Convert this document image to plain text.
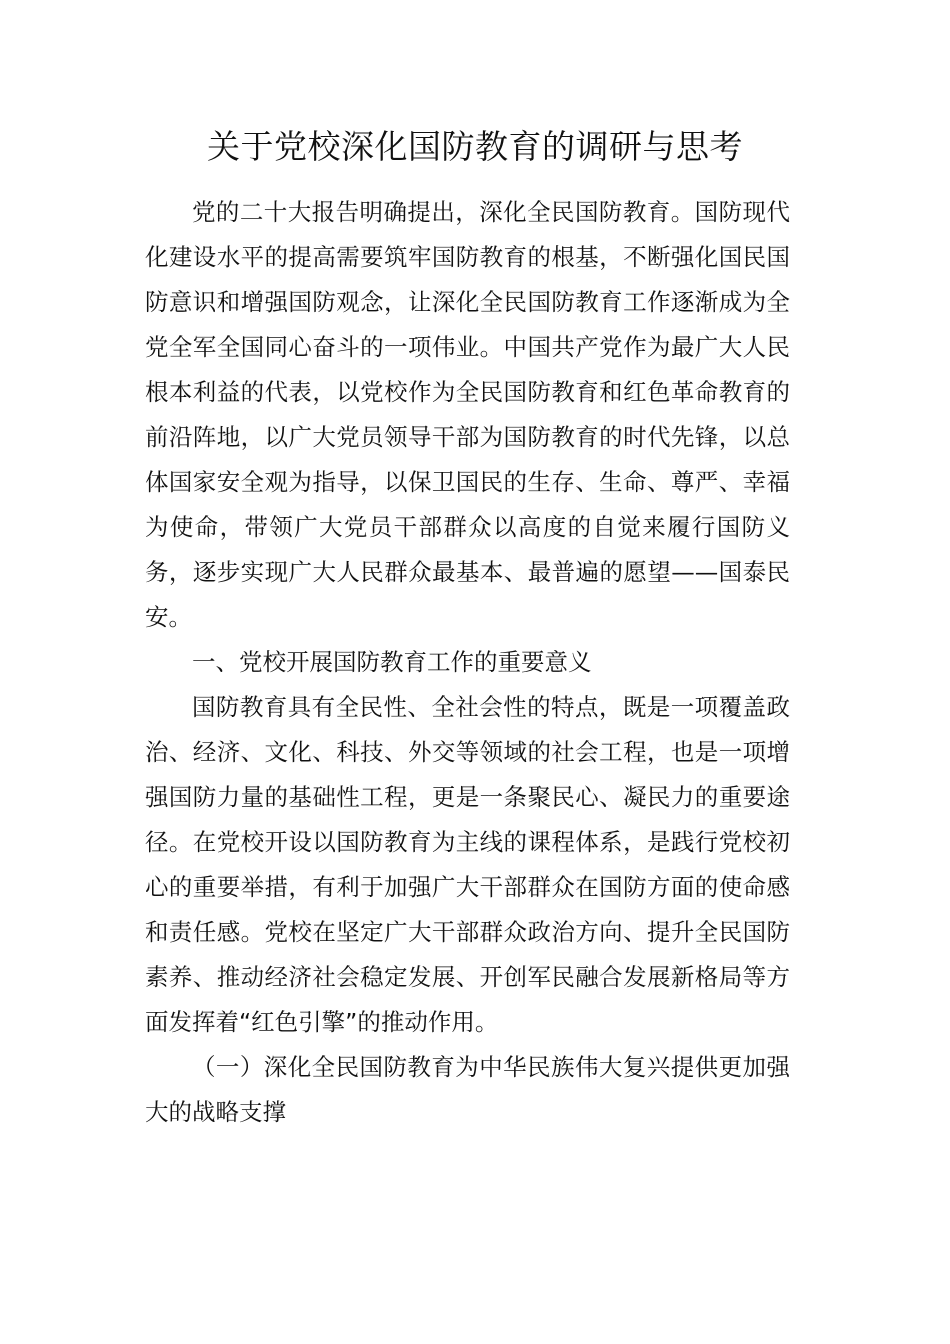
关于党校深化国防教育的调研与思考

党的二十大报告明确提出，深化全民国防教育。国防现代化建设水平的提高需要筑牢国防教育的根基，不断强化国民国防意识和增强国防观念，让深化全民国防教育工作逐渐成为全党全军全国同心奋斗的一项伟业。中国共产党作为最广大人民根本利益的代表，以党校作为全民国防教育和红色革命教育的前沿阵地，以广大党员领导干部为国防教育的时代先锋，以总体国家安全观为指导，以保卫国民的生存、生命、尊严、幸福为使命，带领广大党员干部群众以高度的自觉来履行国防义务，逐步实现广大人民群众最基本、最普遍的愿望——国泰民安。

一、党校开展国防教育工作的重要意义

国防教育具有全民性、全社会性的特点，既是一项覆盖政治、经济、文化、科技、外交等领域的社会工程，也是一项增强国防力量的基础性工程，更是一条聚民心、凝民力的重要途径。在党校开设以国防教育为主线的课程体系，是践行党校初心的重要举措，有利于加强广大干部群众在国防方面的使命感和责任感。党校在坚定广大干部群众政治方向、提升全民国防素养、推动经济社会稳定发展、开创军民融合发展新格局等方面发挥着“红色引擎”的推动作用。

（一）深化全民国防教育为中华民族伟大复兴提供更加强大的战略支撑
